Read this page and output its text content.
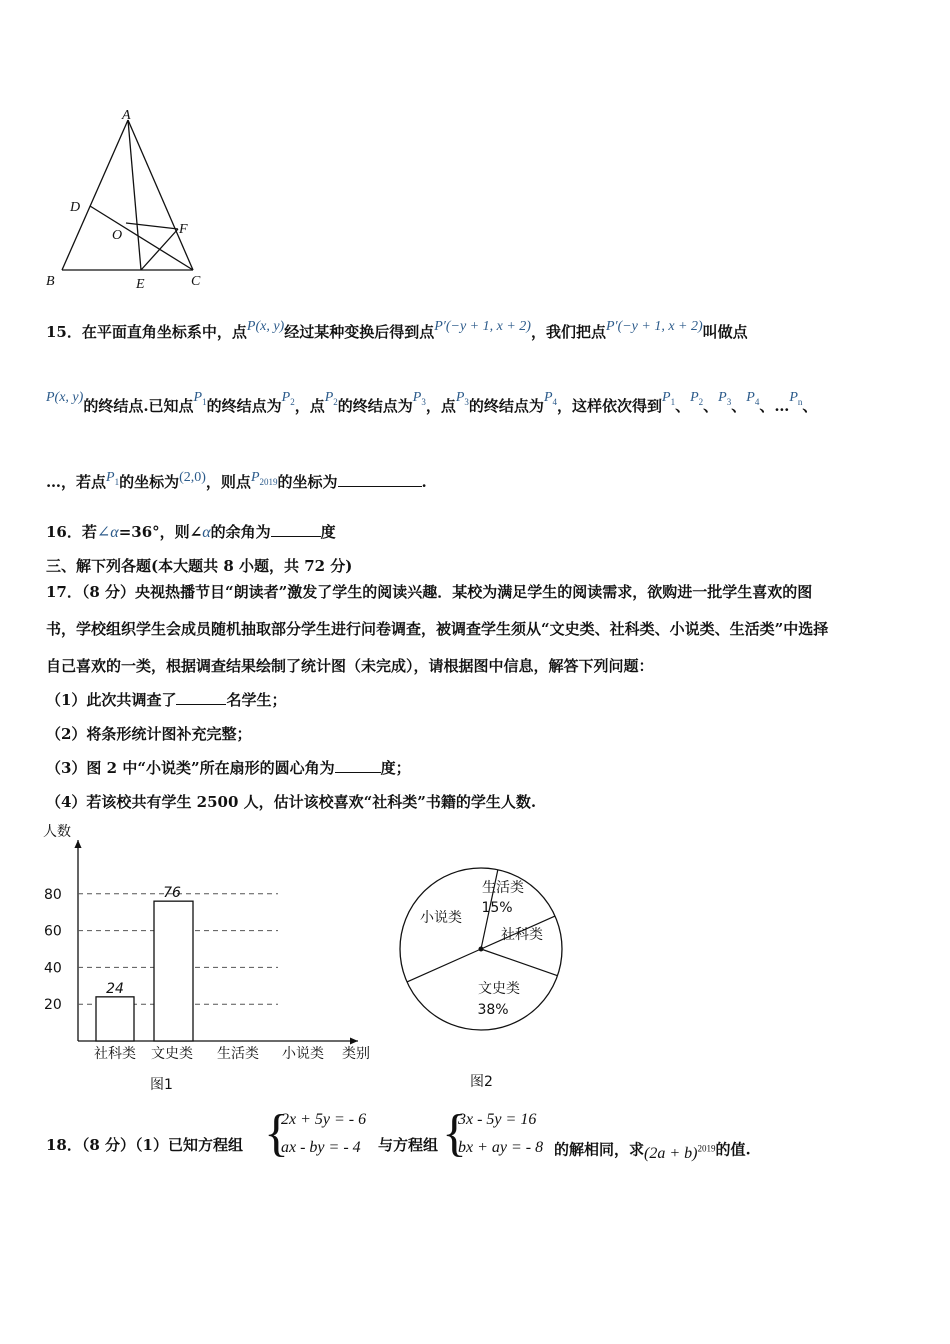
A
B	C
D
E
F
O
15．在平面直角坐标系中，点P(x, y)经过某种变换后得到点P′(−y + 1, x + 2)，我们把点P′(−y + 1, x + 2)叫做点
P(x, y)的终结点.已知点$P_1$的终结点为$P_2$，点$P_2$的终结点为$P_3$，点$P_3$的终结点为$P_4$，这样依次得到$P_1$、$P_2$、$P_3$、$P_4$、$\dots P_n$、
…，若点$P_1$的坐标为(2,0)，则点$P_{2019}$的坐标为	.
16．若∠α=36°，则∠α的余角为	度
三、解下列各题(本大题共 8 小题，共 72 分)
17．（8 分）央视热播节目“朗读者”激发了学生的阅读兴趣．某校为满足学生的阅读需求，欲购进一批学生喜欢的图
书，学校组织学生会成员随机抽取部分学生进行问卷调查，被调查学生须从“文史类、社科类、小说类、生活类”中选择
自己喜欢的一类，根据调查结果绘制了统计图（未完成），请根据图中信息，解答下列问题：
（1）此次共调查了	名学生；
（2）将条形统计图补充完整；
（3）图 2 中“小说类”所在扇形的圆心角为	度；
（4）若该校共有学生 2500 人，估计该校喜欢“社科类”书籍的学生人数.
人数
类别
20
40
60
80
社科类
24
文史类
76
生活类 小说类
图1
生活类
15%
社科类
文史类
38%
小说类
图2
18．（8 分）（1）已知方程组 {
2x + 5y = - 6
ax - by = - 4 与方程组 {
3x - 5y = 16
bx + ay = - 8 的解相同，求$(2a + b)^{2019}$的值.
